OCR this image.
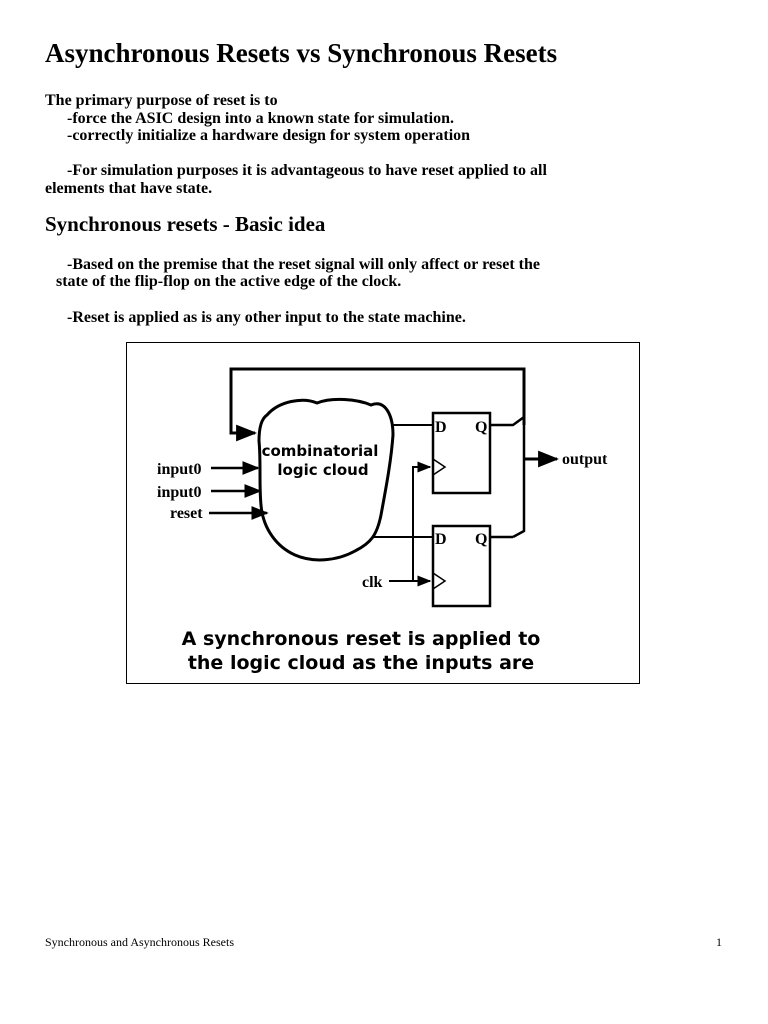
Asynchronous Resets vs Synchronous Resets
The primary purpose of reset is to
-force the ASIC design into a known state for simulation.
-correctly initialize a hardware design for system operation
-For simulation purposes it is advantageous to have reset applied to all
elements that have state.
Synchronous resets - Basic idea
-Based on the premise that the reset signal will only affect or reset the
state of the flip-flop on the active edge of the clock.
-Reset is applied as is any other input to the state machine.
combinatorial
logic cloud
input0
input0
reset
clk
output
D Q
D Q
A synchronous reset is applied to
the logic cloud as the inputs are
Synchronous and Asynchronous Resets	1
